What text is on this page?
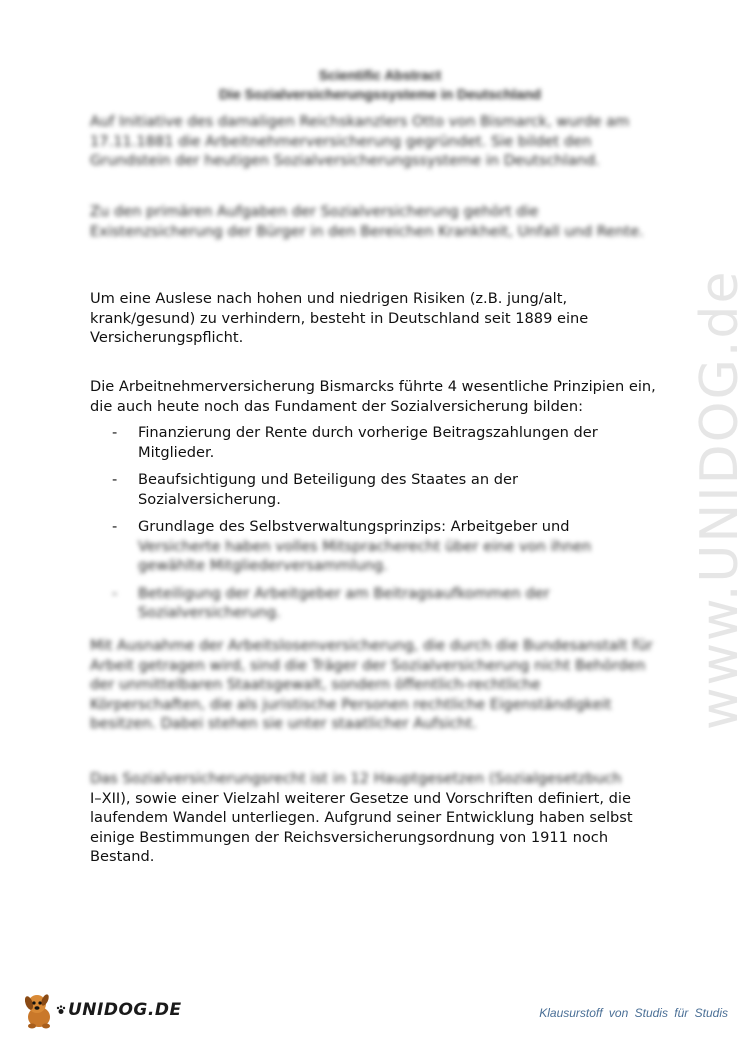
www.UNIDOG.de
Scientific Abstract
Die Sozialversicherungssysteme in Deutschland
Auf Initiative des damaligen Reichskanzlers Otto von Bismarck, wurde am 17.11.1881 die Arbeitnehmerversicherung gegründet. Sie bildet den Grundstein der heutigen Sozialversicherungssysteme in Deutschland.
Zu den primären Aufgaben der Sozialversicherung gehört die Existenzsicherung der Bürger in den Bereichen Krankheit, Unfall und Rente.
Um eine Auslese nach hohen und niedrigen Risiken (z.B. jung/alt, krank/gesund) zu verhindern, besteht in Deutschland seit 1889 eine Versicherungspflicht.
Die Arbeitnehmerversicherung Bismarcks führte 4 wesentliche Prinzipien ein, die auch heute noch das Fundament der Sozialversicherung bilden:
- Finanzierung der Rente durch vorherige Beitragszahlungen der Mitglieder.
- Beaufsichtigung und Beteiligung des Staates an der Sozialversicherung.
- Grundlage des Selbstverwaltungsprinzips: Arbeitgeber und
Versicherte haben volles Mitspracherecht über eine von ihnen gewählte Mitgliederversammlung.
- Beteiligung der Arbeitgeber am Beitragsaufkommen der Sozialversicherung.
Mit Ausnahme der Arbeitslosenversicherung, die durch die Bundesanstalt für Arbeit getragen wird, sind die Träger der Sozialversicherung nicht Behörden der unmittelbaren Staatsgewalt, sondern öffentlich-rechtliche Körperschaften, die als juristische Personen rechtliche Eigenständigkeit besitzen. Dabei stehen sie unter staatlicher Aufsicht.
Das Sozialversicherungsrecht ist in 12 Hauptgesetzen (Sozialgesetzbuch
I–XII), sowie einer Vielzahl weiterer Gesetze und Vorschriften definiert, die laufendem Wandel unterliegen. Aufgrund seiner Entwicklung haben selbst einige Bestimmungen der Reichsversicherungsordnung von 1911 noch Bestand.
UNIDOG.DE	Klausurstoff von Studis für Studis
